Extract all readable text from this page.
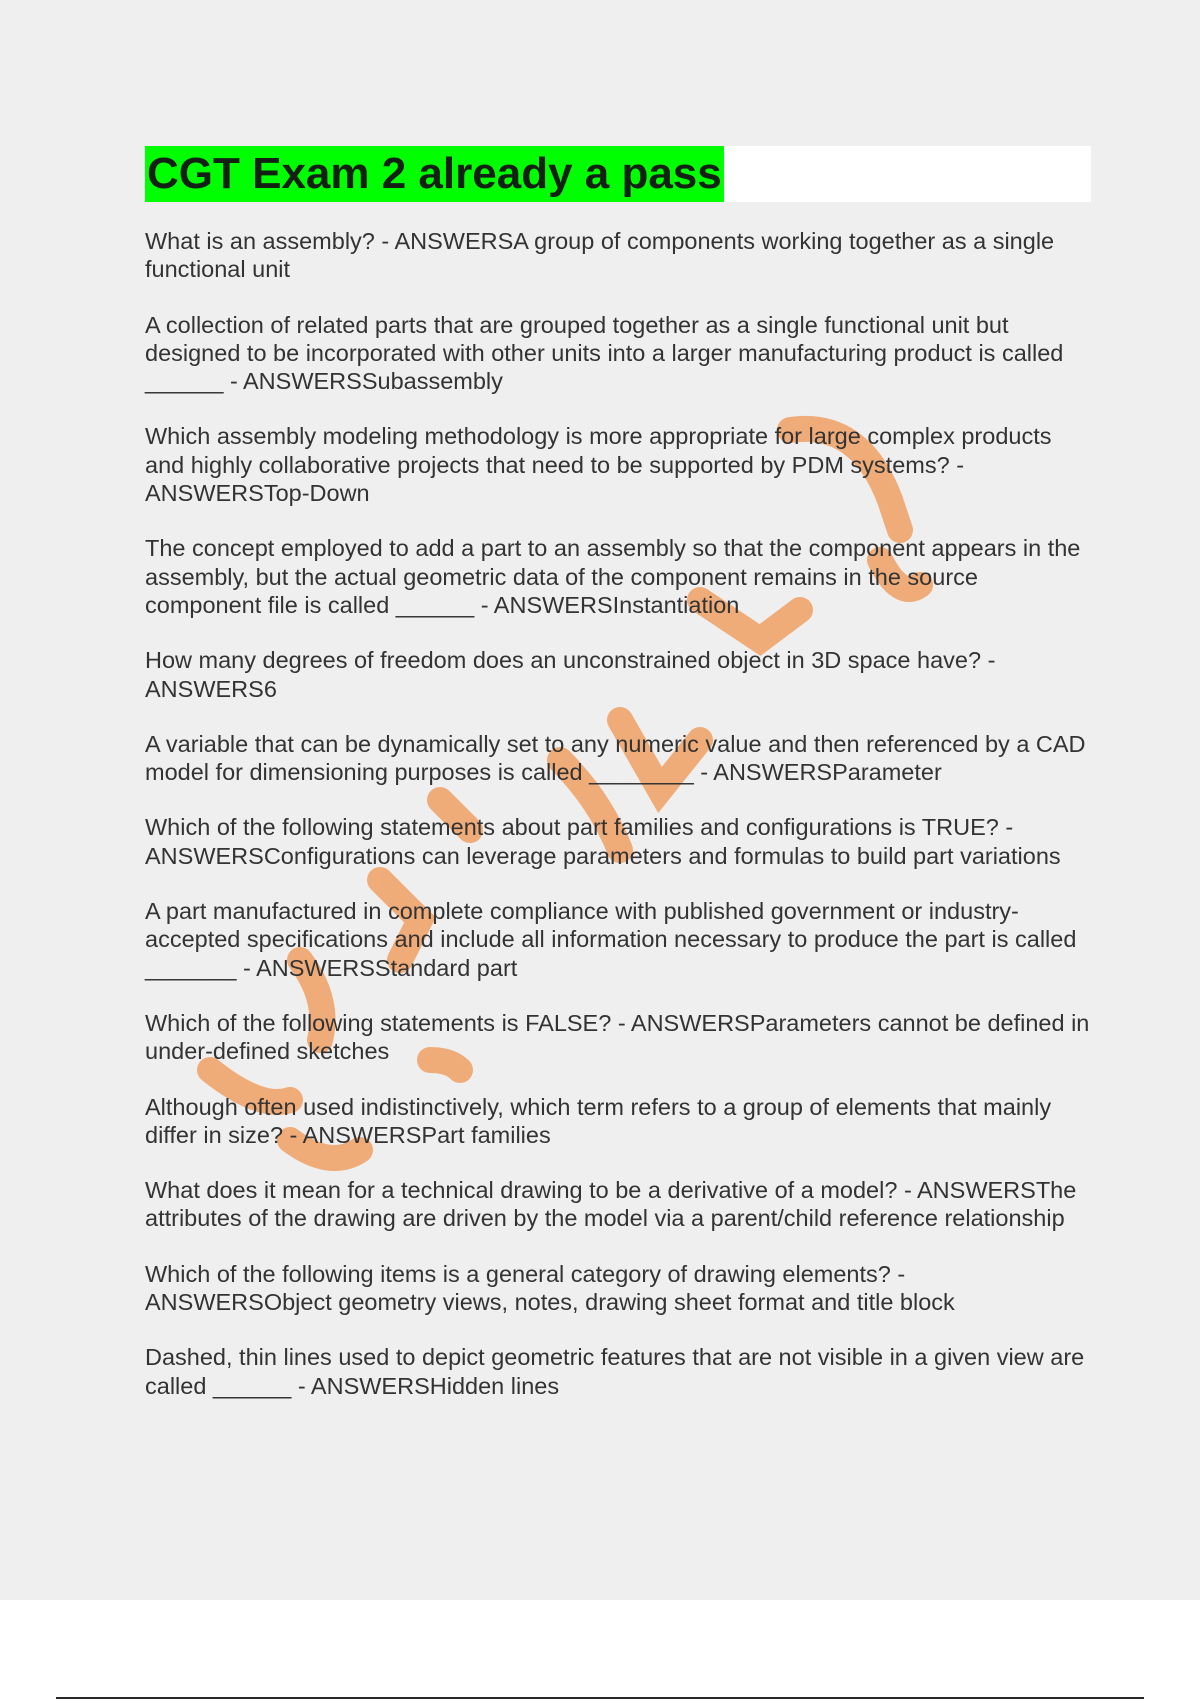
CGT Exam 2 already a pass
What is an assembly? - ANSWERSA group of components working together as a single functional unit
A collection of related parts that are grouped together as a single functional unit but designed to be incorporated with other units into a larger manufacturing product is called ______ - ANSWERSSubassembly
Which assembly modeling methodology is more appropriate for large complex products and highly collaborative projects that need to be supported by PDM systems? - ANSWERSTop-Down
The concept employed to add a part to an assembly so that the component appears in the assembly, but the actual geometric data of the component remains in the source component file is called ______ - ANSWERSInstantiation
How many degrees of freedom does an unconstrained object in 3D space have? - ANSWERS6
A variable that can be dynamically set to any numeric value and then referenced by a CAD model for dimensioning purposes is called ________ - ANSWERSParameter
Which of the following statements about part families and configurations is TRUE? - ANSWERSConfigurations can leverage parameters and formulas to build part variations
A part manufactured in complete compliance with published government or industry-accepted specifications and include all information necessary to produce the part is called _______ - ANSWERSStandard part
Which of the following statements is FALSE? - ANSWERSParameters cannot be defined in under-defined sketches
Although often used indistinctively, which term refers to a group of elements that mainly differ in size? - ANSWERSPart families
What does it mean for a technical drawing to be a derivative of a model? - ANSWERSThe attributes of the drawing are driven by the model via a parent/child reference relationship
Which of the following items is a general category of drawing elements? - ANSWERSObject geometry views, notes, drawing sheet format and title block
Dashed, thin lines used to depict geometric features that are not visible in a given view are called ______ - ANSWERSHidden lines
